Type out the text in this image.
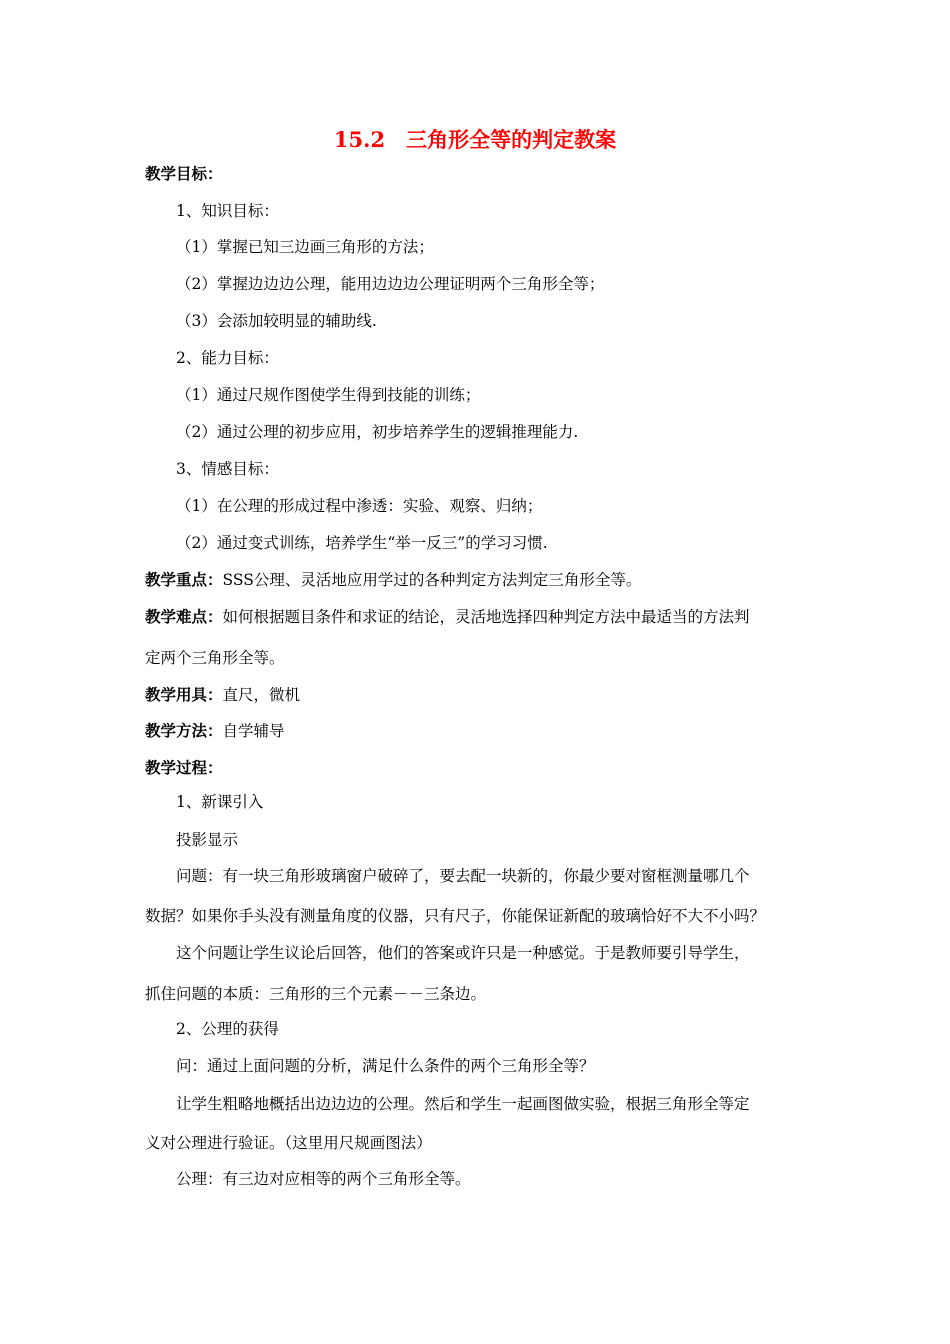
15.2　三角形全等的判定教案
教学目标：
1、知识目标：
（1）掌握已知三边画三角形的方法；
（2）掌握边边边公理，能用边边边公理证明两个三角形全等；
（3）会添加较明显的辅助线.
2、能力目标：
（1）通过尺规作图使学生得到技能的训练；
（2）通过公理的初步应用，初步培养学生的逻辑推理能力.
3、情感目标：
（1）在公理的形成过程中渗透：实验、观察、归纳；
（2）通过变式训练，培养学生“举一反三”的学习习惯.
教学重点：SSS公理、灵活地应用学过的各种判定方法判定三角形全等。
教学难点：如何根据题目条件和求证的结论，灵活地选择四种判定方法中最适当的方法判
定两个三角形全等。
教学用具：直尺，微机
教学方法：自学辅导
教学过程：
1、新课引入
投影显示
问题：有一块三角形玻璃窗户破碎了，要去配一块新的，你最少要对窗框测量哪几个
数据？如果你手头没有测量角度的仪器，只有尺子，你能保证新配的玻璃恰好不大不小吗？
这个问题让学生议论后回答，他们的答案或许只是一种感觉。于是教师要引导学生，
抓住问题的本质：三角形的三个元素－－三条边。
2、公理的获得
问：通过上面问题的分析，满足什么条件的两个三角形全等？
让学生粗略地概括出边边边的公理。然后和学生一起画图做实验，根据三角形全等定
义对公理进行验证。（这里用尺规画图法）
公理：有三边对应相等的两个三角形全等。
